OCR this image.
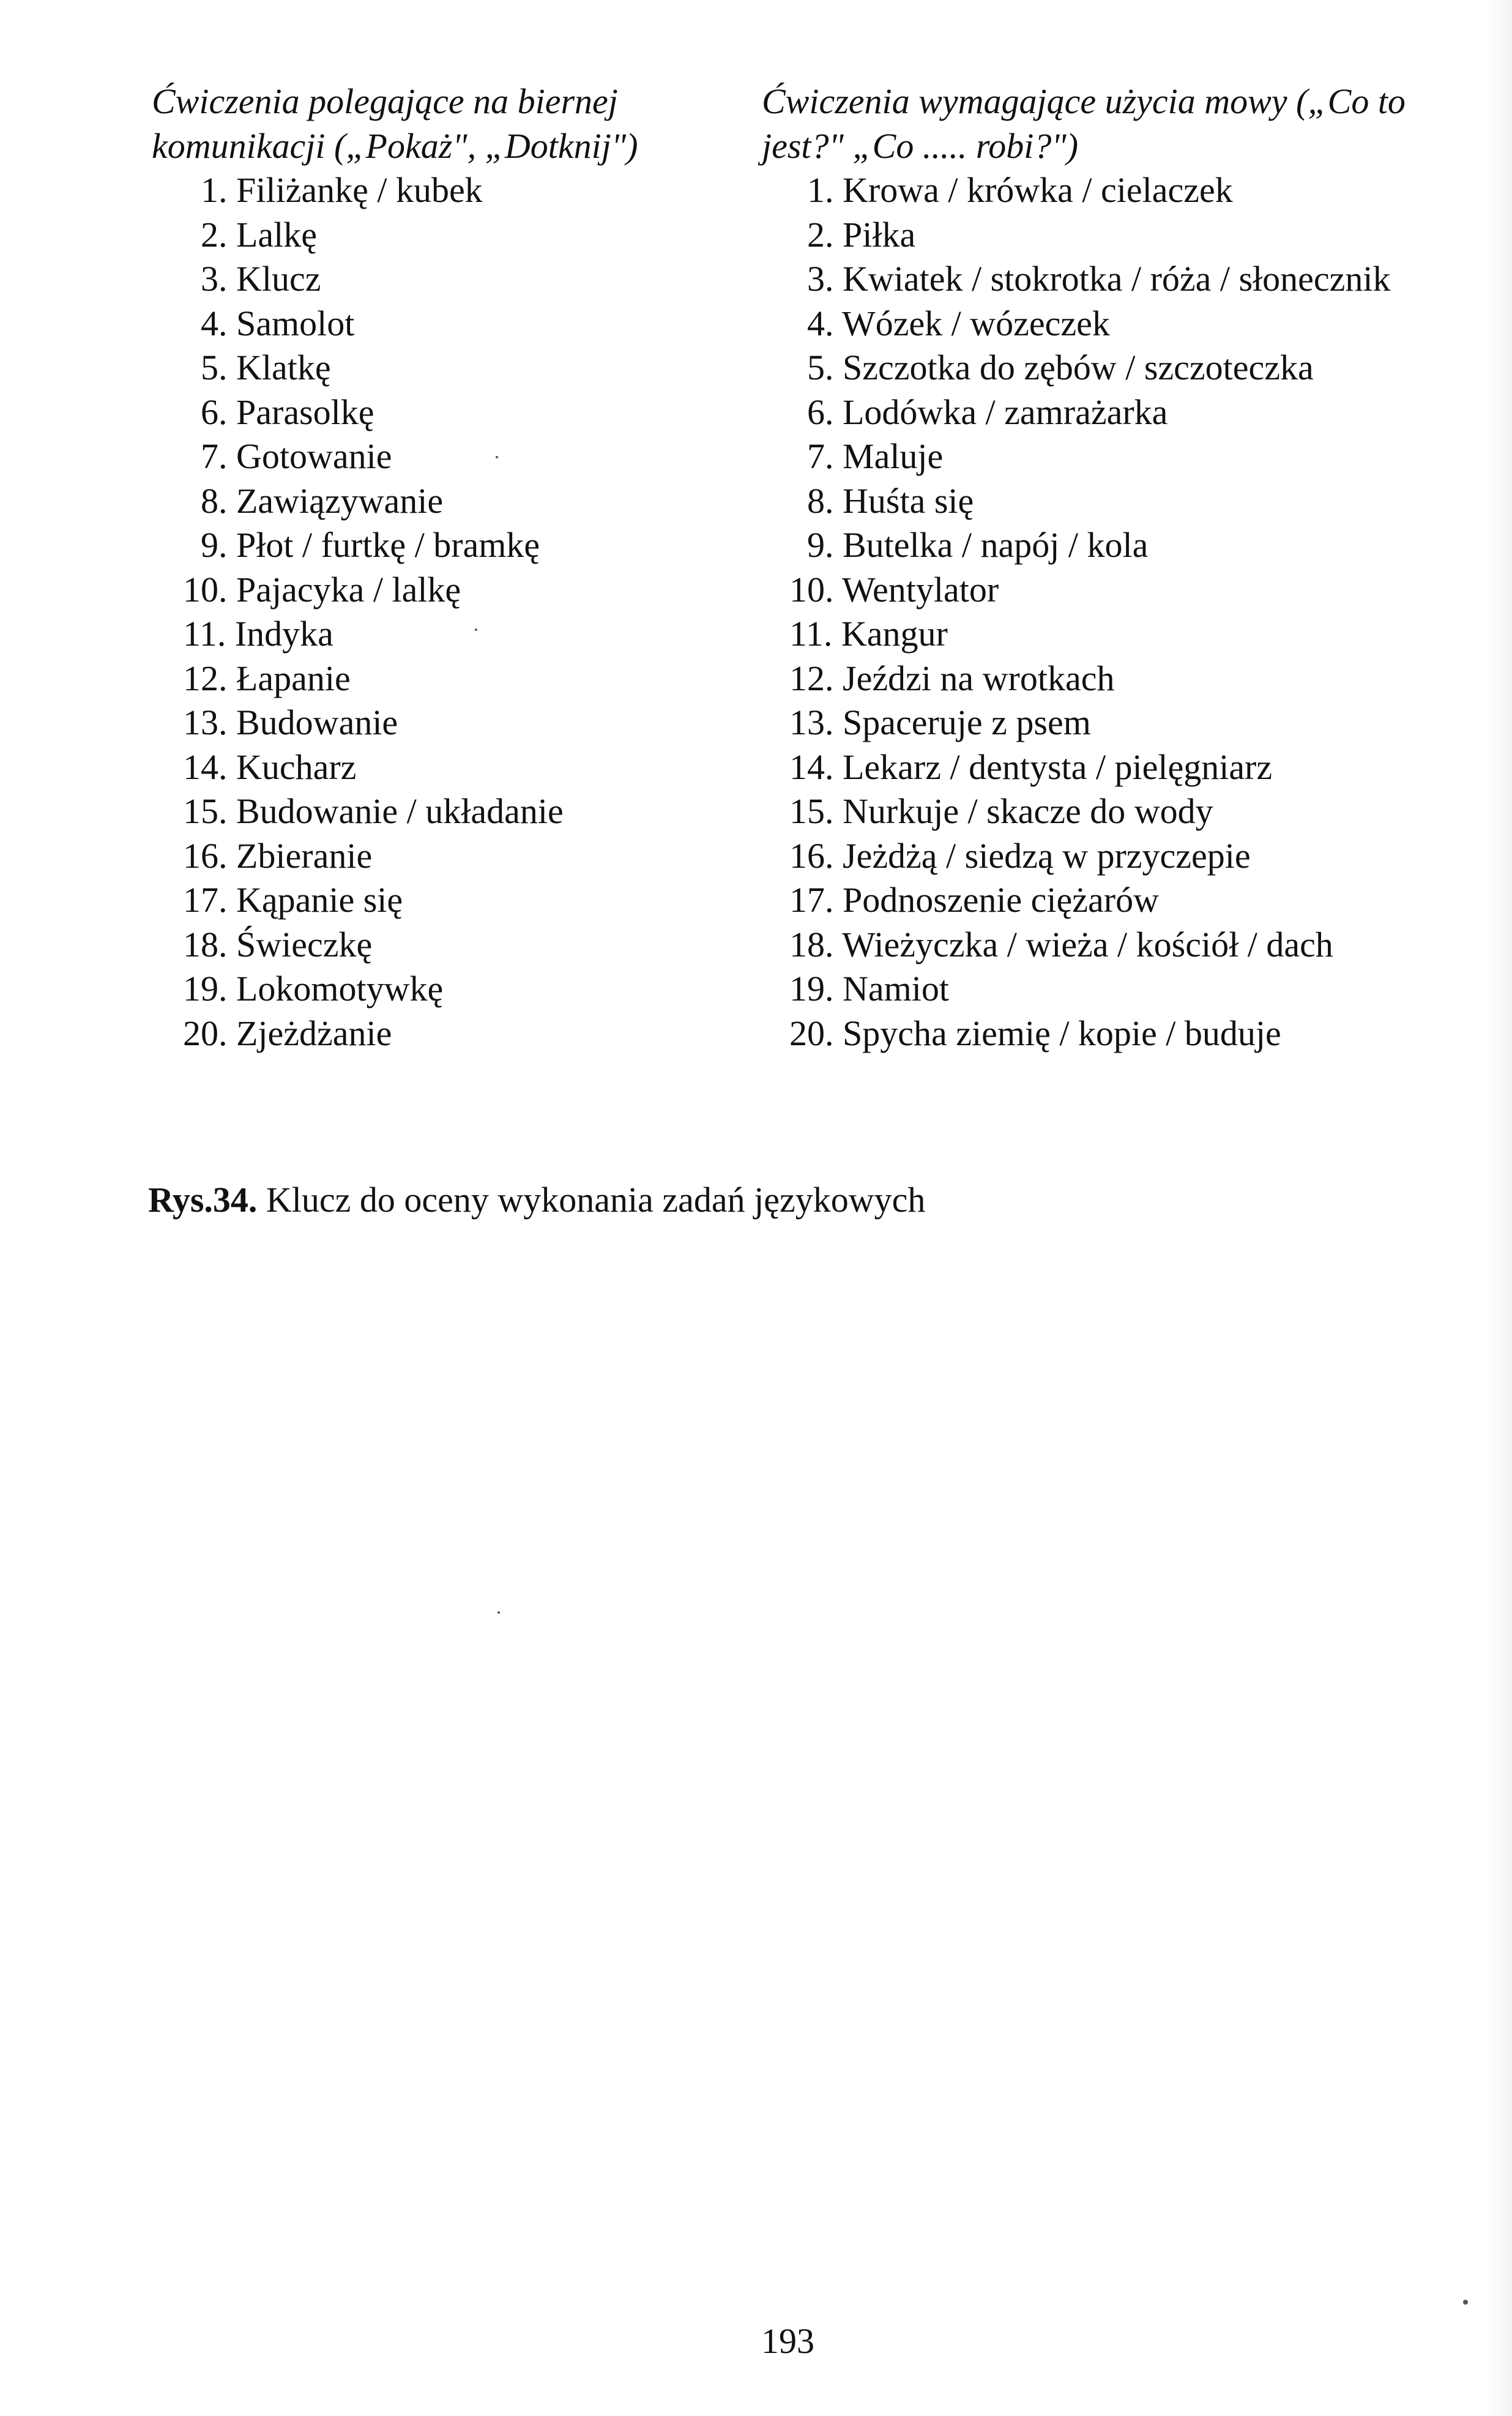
Ćwiczenia polegające na biernej komunikacji („Pokaż", „Dotknij")
1. Filiżankę / kubek
2. Lalkę
3. Klucz
4. Samolot
5. Klatkę
6. Parasolkę
7. Gotowanie
8. Zawiązywanie
9. Płot / furtkę / bramkę
10. Pajacyka / lalkę
11. Indyka
12. Łapanie
13. Budowanie
14. Kucharz
15. Budowanie / układanie
16. Zbieranie
17. Kąpanie się
18. Świeczkę
19. Lokomotywkę
20. Zjeżdżanie
Ćwiczenia wymagające użycia mowy („Co to jest?" „Co ..... robi?")
1. Krowa / krówka / cielaczek
2. Piłka
3. Kwiatek / stokrotka / róża / słonecznik
4. Wózek / wózeczek
5. Szczotka do zębów / szczoteczka
6. Lodówka / zamrażarka
7. Maluje
8. Huśta się
9. Butelka / napój / kola
10. Wentylator
11. Kangur
12. Jeździ na wrotkach
13. Spaceruje z psem
14. Lekarz / dentysta / pielęgniarz
15. Nurkuje / skacze do wody
16. Jeżdżą / siedzą w przyczepie
17. Podnoszenie ciężarów
18. Wieżyczka / wieża / kościół / dach
19. Namiot
20. Spycha ziemię / kopie / buduje
Rys.34. Klucz do oceny wykonania zadań językowych
193
